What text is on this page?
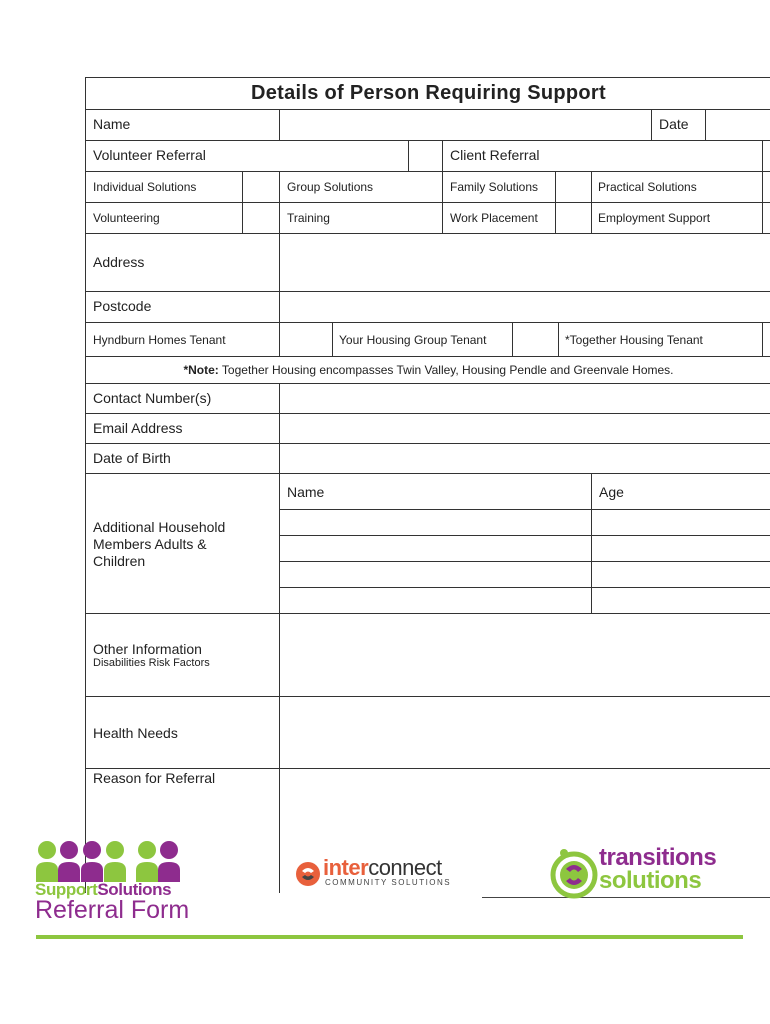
Details of Person Requiring Support
Name	Date
Volunteer Referral	Client Referral
Individual Solutions	Group Solutions	Family Solutions	Practical Solutions
Volunteering	Training	Work Placement	Employment Support
Address
Postcode
Hyndburn Homes Tenant	Your Housing Group Tenant	*Together Housing Tenant
*Note: Together Housing encompasses Twin Valley, Housing Pendle and Greenvale Homes.
Contact Number(s)
Email Address
Date of Birth
Additional Household Members Adults & Children
Name	Age
Other Information
Disabilities Risk Factors
Health Needs
Reason for Referral
SupportSolutions
Referral Form
interconnect
COMMUNITY SOLUTIONS
transitions
solutions
